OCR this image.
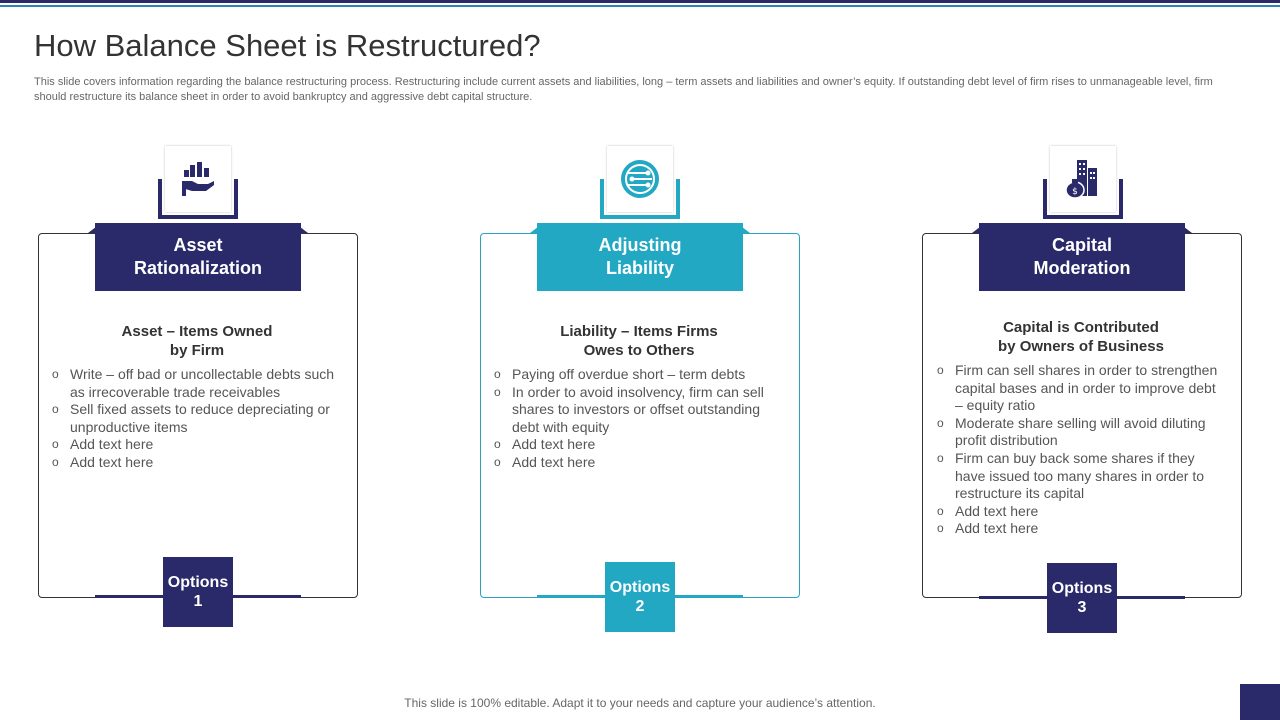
How Balance Sheet is Restructured?
This slide covers information regarding the balance restructuring process. Restructuring include current assets and liabilities, long – term assets and liabilities and owner’s equity. If outstanding debt level of firm rises to unmanageable level, firm should restructure its balance sheet in order to avoid bankruptcy and aggressive debt capital structure.
Asset
Rationalization
Asset – Items Owned
by Firm
o Write – off bad or uncollectable debts such as irrecoverable trade receivables
o Sell fixed assets to reduce depreciating or unproductive items
o Add text here
o Add text here
Options
1
Adjusting
Liability
Liability – Items Firms
Owes to Others
o Paying off overdue short – term debts
o In order to avoid insolvency, firm can sell shares to investors or offset outstanding debt with equity
o Add text here
o Add text here
Options
2
$
Capital
Moderation
Capital is Contributed
by Owners of Business
o Firm can sell shares in order to strengthen capital bases and in order to improve debt – equity ratio
o Moderate share selling will avoid diluting profit distribution
o Firm can buy back some shares if they have issued too many shares in order to restructure its capital
o Add text here
o Add text here
Options
3
This slide is 100% editable. Adapt it to your needs and capture your audience’s attention.
